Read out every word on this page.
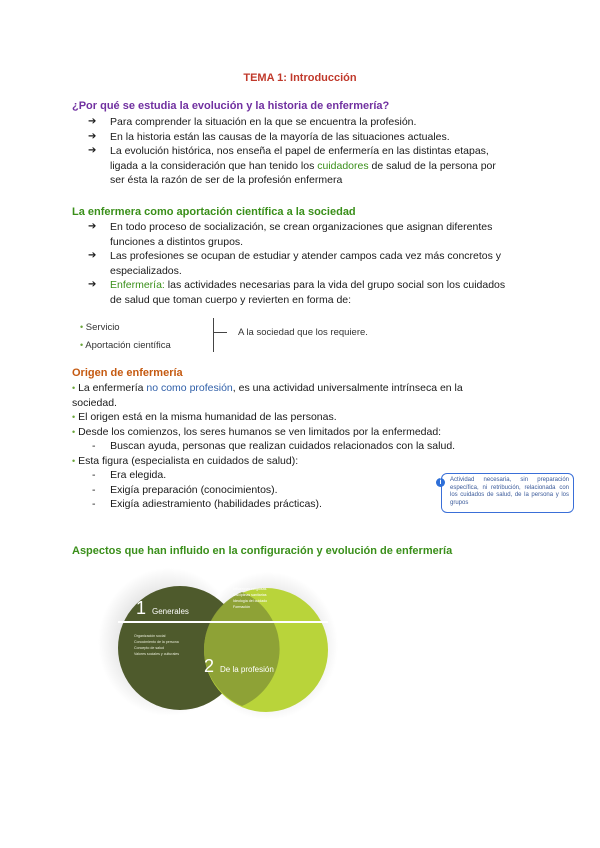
TEMA 1: Introducción
¿Por qué se estudia la evolución y la historia de enfermería?
➔ Para comprender la situación en la que se encuentra la profesión.
➔ En la historia están las causas de la mayoría de las situaciones actuales.
➔ La evolución histórica, nos enseña el papel de enfermería en las distintas etapas,
ligada a la consideración que han tenido los cuidadores de salud de la persona por
ser ésta la razón de ser de la profesión enfermera
La enfermera como aportación científica a la sociedad
➔ En todo proceso de socialización, se crean organizaciones que asignan diferentes
funciones a distintos grupos.
➔ Las profesiones se ocupan de estudiar y atender campos cada vez más concretos y
especializados.
➔ Enfermería: las actividades necesarias para la vida del grupo social son los cuidados
de salud que toman cuerpo y revierten en forma de:
• Servicio
• Aportación científica
A la sociedad que los requiere.
Origen de enfermería
• La enfermería no como profesión, es una actividad universalmente intrínseca en la
sociedad.
• El origen está en la misma humanidad de las personas.
• Desde los comienzos, los seres humanos se ven limitados por la enfermedad:
-     Buscan ayuda, personas que realizan cuidados relacionados con la salud.
• Esta figura (especialista en cuidados de salud):
-     Era elegida.
-     Exigía preparación (conocimientos).
-     Exigía adiestramiento (habilidades prácticas).
Actividad necesaria, sin preparación específica, ni retribución, relacionada con los cuidados de salud, de la persona y los grupos
i
Aspectos que han influido en la configuración y evolución de enfermería
1 Generales
2 De la profesión
Organización social
Conocimiento de la persona
Concepto de salud
Valores sociales y culturales
Influencias religiosas
Disciplinas sanitarias
Ideología del cuidado
Formación
